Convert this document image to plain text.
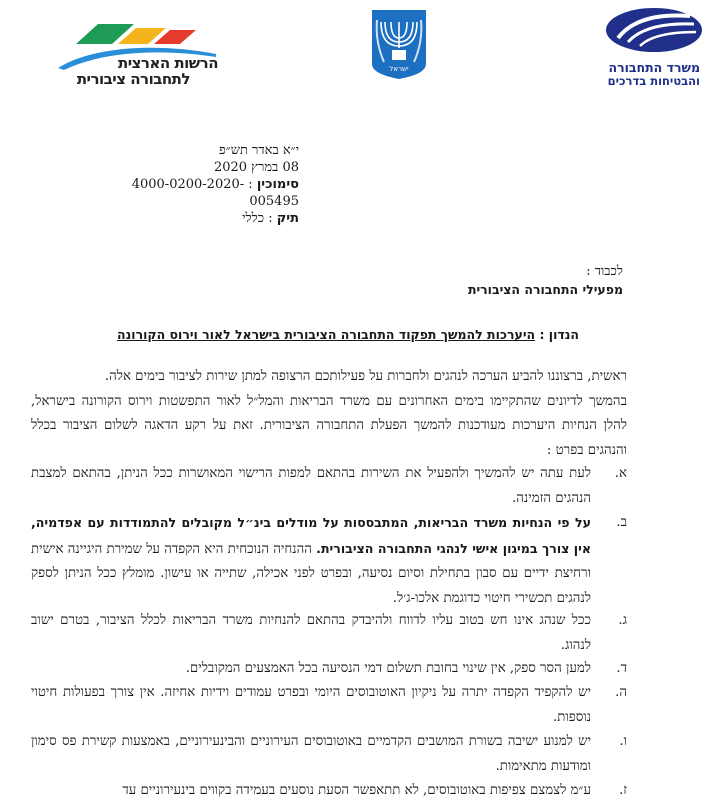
הרשות הארצית
לתחבורה ציבורית
ישראל	משרד התחבורה
והבטיחות בדרכים
י״א באדר תש״פ
08 במרץ 2020
סימוכין : 4000-0200-2020-005495
תיק : כללי
לכבוד :
מפעילי התחבורה הציבורית
הנדון : היערכות להמשך תפקוד התחבורה הציבורית בישראל לאור וירוס הקורונה
ראשית, ברצוננו להביע הערכה לנהגים ולחברות על פעילותכם הרצופה למתן שירות לציבור בימים אלה.
בהמשך לדיונים שהתקיימו בימים האחרונים עם משרד הבריאות והמל״ל לאור התפשטות וירוס הקורונה בישראל, להלן הנחיות היערכות מעודכנות להמשך הפעלת התחבורה הציבורית. זאת על רקע הדאגה לשלום הציבור בכלל והנהגים בפרט :
א.
לעת עתה יש להמשיך ולהפעיל את השירות בהתאם למפות הרישוי המאושרות ככל הניתן, בהתאם למצבת הנהגים הזמינה.
ב.
על פי הנחיות משרד הבריאות, המתבססות על מודלים בינ״ל מקובלים להתמודדות עם אפדמיה, אין צורך במיגון אישי לנהגי התחבורה הציבורית. ההנחיה הנוכחית היא הקפדה על שמירת היגיינה אישית ורחיצת ידיים עם סבון בתחילת וסיום נסיעה, ובפרט לפני אכילה, שתייה או עישון. מומלץ ככל הניתן לספק לנהגים תכשירי חיטוי כדוגמת אלכו-ג׳ל.
ג.
ככל שנהג אינו חש בטוב עליו לדווח ולהיבדק בהתאם להנחיות משרד הבריאות לכלל הציבור, בטרם ישוב לנהוג.
ד.
למען הסר ספק, אין שינוי בחובת תשלום דמי הנסיעה בכל האמצעים המקובלים.
ה.
יש להקפיד הקפדה יתרה על ניקיון האוטובוסים היומי ובפרט עמודים וידיות אחיזה. אין צורך בפעולות חיטוי נוספות.
ו.
יש למנוע ישיבה בשורת המושבים הקדמיים באוטובוסים העירוניים והבינעירוניים, באמצעות קשירת פס סימון ומודעות מתאימות.
ז.
ע״מ לצמצם צפיפות באוטובוסים, לא תתאפשר הסעת נוסעים בעמידה בקווים בינעירוניים עד
